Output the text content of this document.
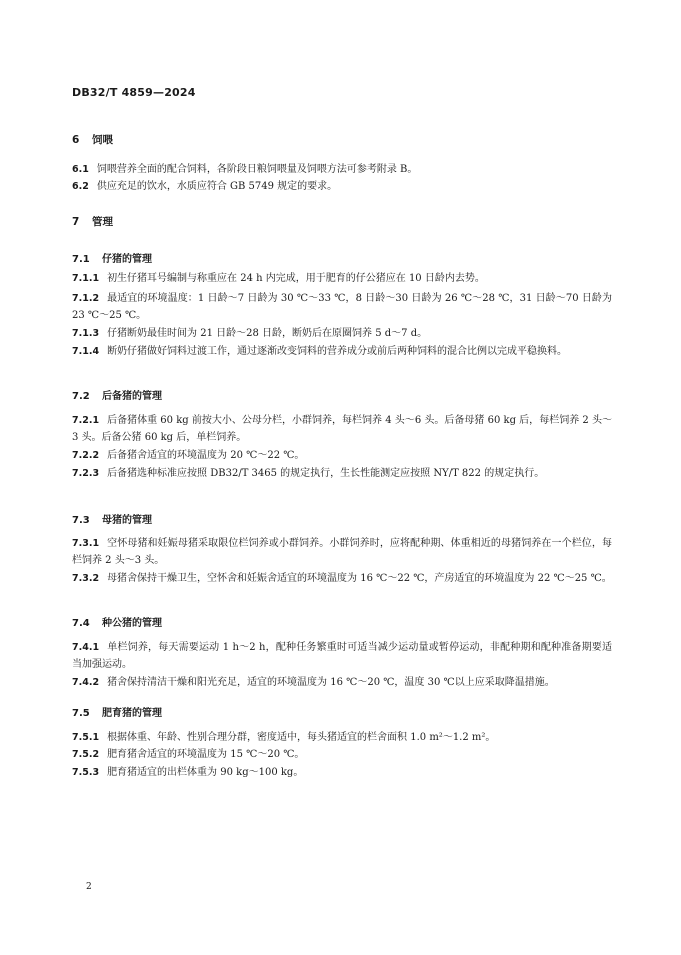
DB32/T 4859—2024
6 饲喂
6.1 饲喂营养全面的配合饲料，各阶段日粮饲喂量及饲喂方法可参考附录 B。
6.2 供应充足的饮水，水质应符合 GB 5749 规定的要求。
7 管理
7.1 仔猪的管理
7.1.1 初生仔猪耳号编制与称重应在 24 h 内完成，用于肥育的仔公猪应在 10 日龄内去势。
7.1.2 最适宜的环境温度：1 日龄～7 日龄为 30 ℃～33 ℃，8 日龄～30 日龄为 26 ℃～28 ℃，31 日龄～70 日龄为 23 ℃～25 ℃。
7.1.3 仔猪断奶最佳时间为 21 日龄～28 日龄，断奶后在原圈饲养 5 d～7 d。
7.1.4 断奶仔猪做好饲料过渡工作，通过逐渐改变饲料的营养成分或前后两种饲料的混合比例以完成平稳换料。
7.2 后备猪的管理
7.2.1 后备猪体重 60 kg 前按大小、公母分栏，小群饲养，每栏饲养 4 头～6 头。后备母猪 60 kg 后，每栏饲养 2 头～3 头。后备公猪 60 kg 后，单栏饲养。
7.2.2 后备猪舍适宜的环境温度为 20 ℃～22 ℃。
7.2.3 后备猪选种标准应按照 DB32/T 3465 的规定执行，生长性能测定应按照 NY/T 822 的规定执行。
7.3 母猪的管理
7.3.1 空怀母猪和妊娠母猪采取限位栏饲养或小群饲养。小群饲养时，应将配种期、体重相近的母猪饲养在一个栏位，每栏饲养 2 头～3 头。
7.3.2 母猪舍保持干燥卫生，空怀舍和妊娠舍适宜的环境温度为 16 ℃～22 ℃，产房适宜的环境温度为 22 ℃～25 ℃。
7.4 种公猪的管理
7.4.1 单栏饲养，每天需要运动 1 h～2 h，配种任务繁重时可适当减少运动量或暂停运动，非配种期和配种准备期要适当加强运动。
7.4.2 猪舍保持清洁干燥和阳光充足，适宜的环境温度为 16 ℃～20 ℃，温度 30 ℃以上应采取降温措施。
7.5 肥育猪的管理
7.5.1 根据体重、年龄、性别合理分群，密度适中，每头猪适宜的栏舍面积 1.0 m²～1.2 m²。
7.5.2 肥育猪舍适宜的环境温度为 15 ℃～20 ℃。
7.5.3 肥育猪适宜的出栏体重为 90 kg～100 kg。
2
